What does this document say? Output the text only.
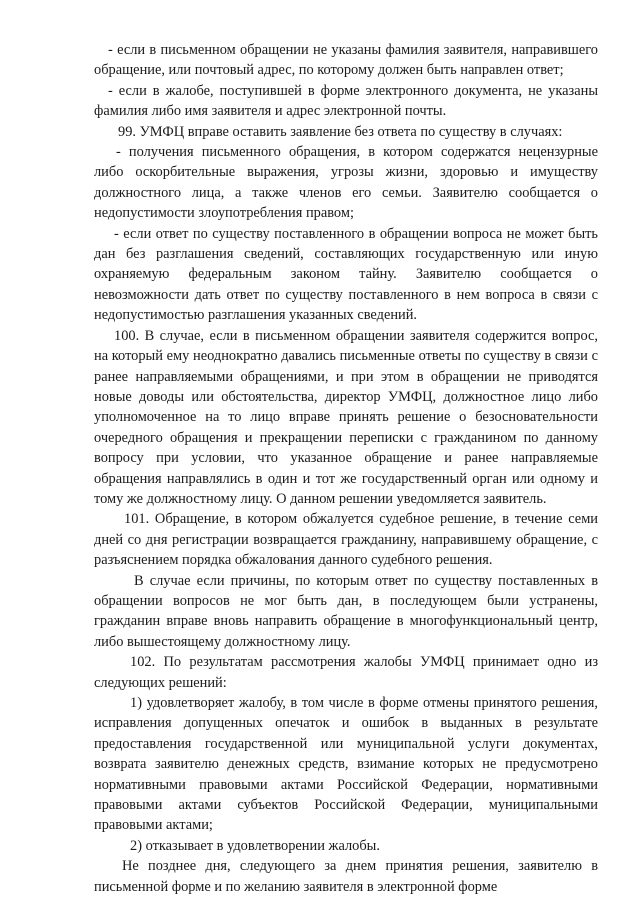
- если в письменном обращении не указаны фамилия заявителя, направившего обращение, или почтовый адрес, по которому должен быть направлен ответ;

- если в жалобе, поступившей в форме электронного документа, не указаны фамилия либо имя заявителя и адрес электронной почты.

99. УМФЦ вправе оставить заявление без ответа по существу в случаях:

- получения письменного обращения, в котором содержатся нецензурные либо оскорбительные выражения, угрозы жизни, здоровью и имуществу должностного лица, а также членов его семьи. Заявителю сообщается о недопустимости злоупотребления правом;

- если ответ по существу поставленного в обращении вопроса не может быть дан без разглашения сведений, составляющих государственную или иную охраняемую федеральным законом тайну. Заявителю сообщается о невозможности дать ответ по существу поставленного в нем вопроса в связи с недопустимостью разглашения указанных сведений.

100. В случае, если в письменном обращении заявителя содержится вопрос, на который ему неоднократно давались письменные ответы по существу в связи с ранее направляемыми обращениями, и при этом в обращении не приводятся новые доводы или обстоятельства, директор УМФЦ, должностное лицо либо уполномоченное на то лицо вправе принять решение о безосновательности очередного обращения и прекращении переписки с гражданином по данному вопросу при условии, что указанное обращение и ранее направляемые обращения направлялись в один и тот же государственный орган или одному и тому же должностному лицу. О данном решении уведомляется заявитель.

101. Обращение, в котором обжалуется судебное решение, в течение семи дней со дня регистрации возвращается гражданину, направившему обращение, с разъяснением порядка обжалования данного судебного решения.

В случае если причины, по которым ответ по существу поставленных в обращении вопросов не мог быть дан, в последующем были устранены, гражданин вправе вновь направить обращение в многофункциональный центр, либо вышестоящему должностному лицу.

102. По результатам рассмотрения жалобы УМФЦ принимает одно из следующих решений:

1) удовлетворяет жалобу, в том числе в форме отмены принятого решения, исправления допущенных опечаток и ошибок в выданных в результате предоставления государственной или муниципальной услуги документах, возврата заявителю денежных средств, взимание которых не предусмотрено нормативными правовыми актами Российской Федерации, нормативными правовыми актами субъектов Российской Федерации, муниципальными правовыми актами;

2) отказывает в удовлетворении жалобы.

Не позднее дня, следующего за днем принятия решения, заявителю в письменной форме и по желанию заявителя в электронной форме
